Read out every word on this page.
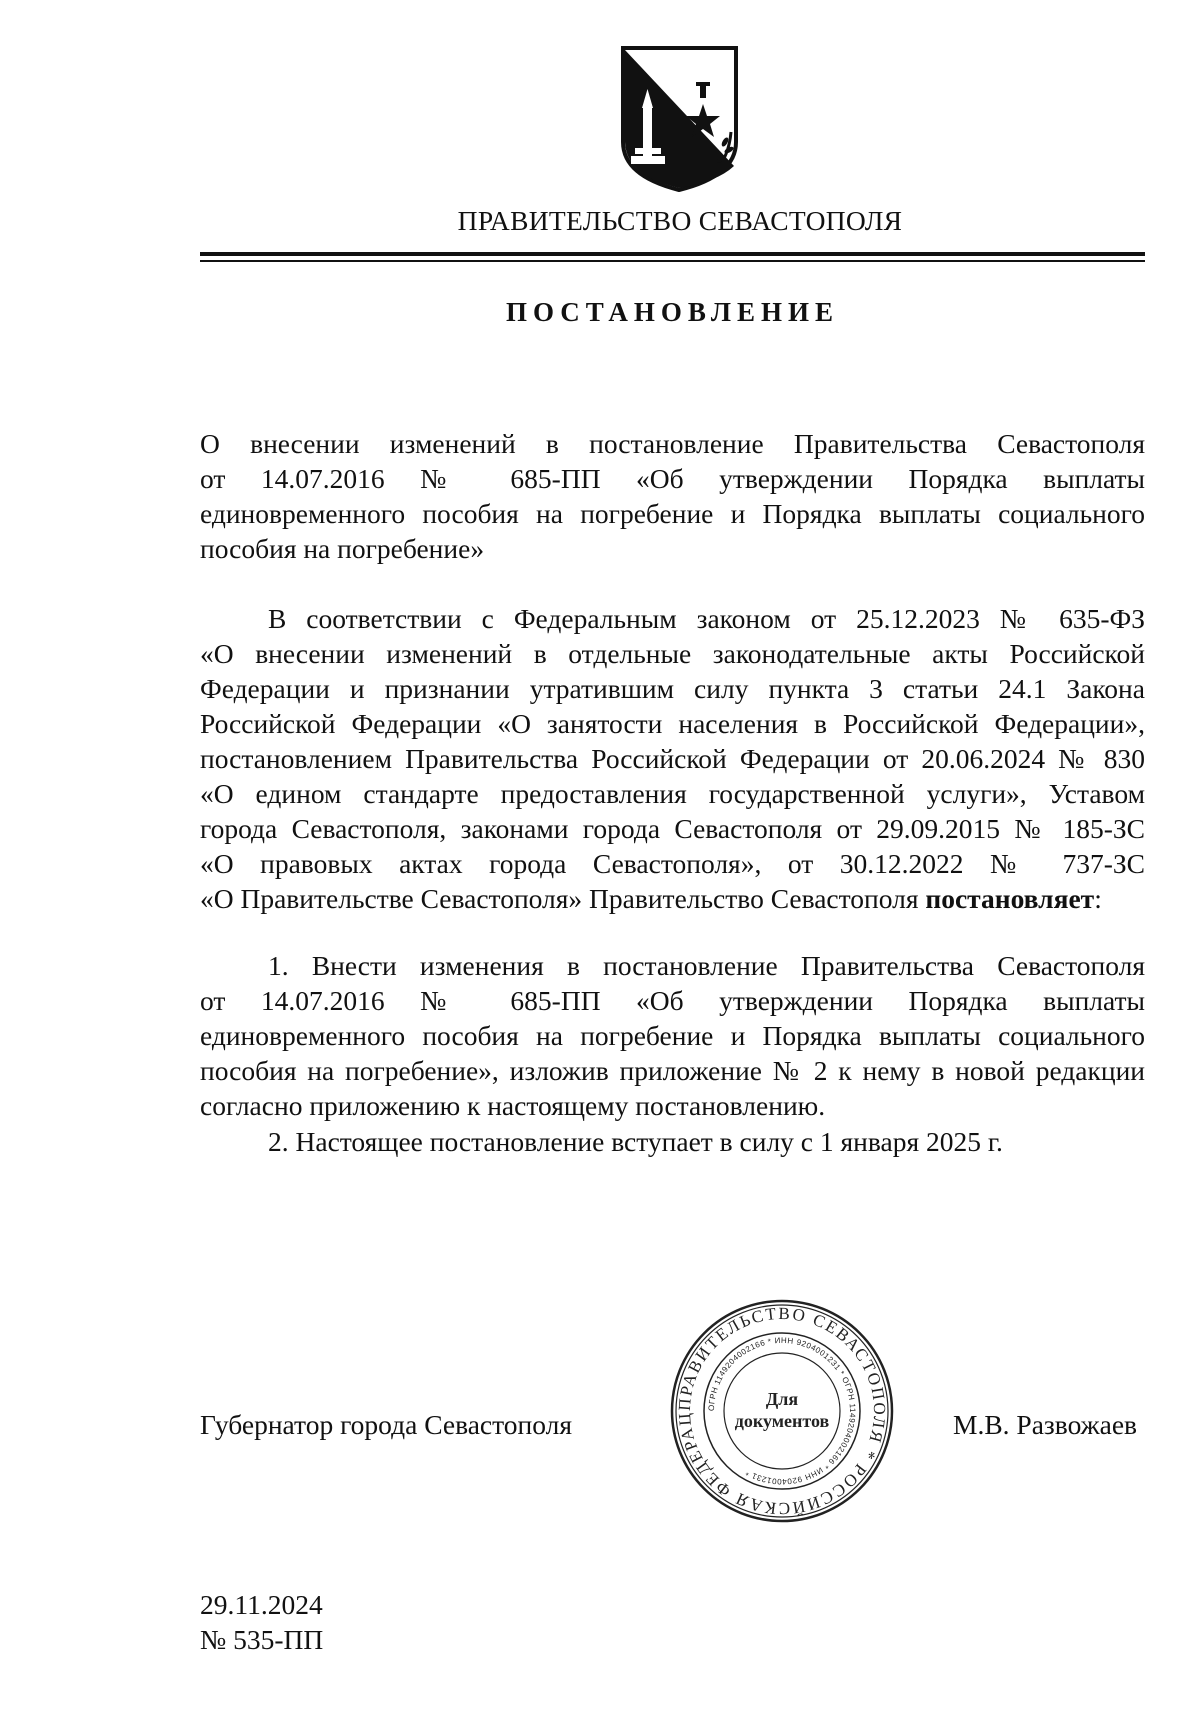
ПРАВИТЕЛЬСТВО СЕВАСТОПОЛЯ
ПОСТАНОВЛЕНИЕ
О внесении изменений в постановление Правительства Севастополя
от 14.07.2016 № 685-ПП «Об утверждении Порядка выплаты
единовременного пособия на погребение и Порядка выплаты социального
пособия на погребение»
В соответствии с Федеральным законом от 25.12.2023 № 635-ФЗ
«О внесении изменений в отдельные законодательные акты Российской
Федерации и признании утратившим силу пункта 3 статьи 24.1 Закона
Российской Федерации «О занятости населения в Российской Федерации»,
постановлением Правительства Российской Федерации от 20.06.2024 № 830
«О едином стандарте предоставления государственной услуги», Уставом
города Севастополя, законами города Севастополя от 29.09.2015 № 185-ЗС
«О правовых актах города Севастополя», от 30.12.2022 № 737-ЗС
«О Правительстве Севастополя» Правительство Севастополя постановляет:
1. Внести изменения в постановление Правительства Севастополя
от 14.07.2016 № 685-ПП «Об утверждении Порядка выплаты
единовременного пособия на погребение и Порядка выплаты социального
пособия на погребение», изложив приложение № 2 к нему в новой редакции
согласно приложению к настоящему постановлению.
2. Настоящее постановление вступает в силу с 1 января 2025 г.
Губернатор города Севастополя	М.В. Развожаев
ПРАВИТЕЛЬСТВО СЕВАСТОПОЛЯ * РОССИЙСКАЯ ФЕДЕРАЦ
ОГРН 1149204002166 * ИНН 9204001231 * ОГРН 1149204002166 * ИНН 9204001231 *
Для
документов
29.11.2024
№ 535-ПП
